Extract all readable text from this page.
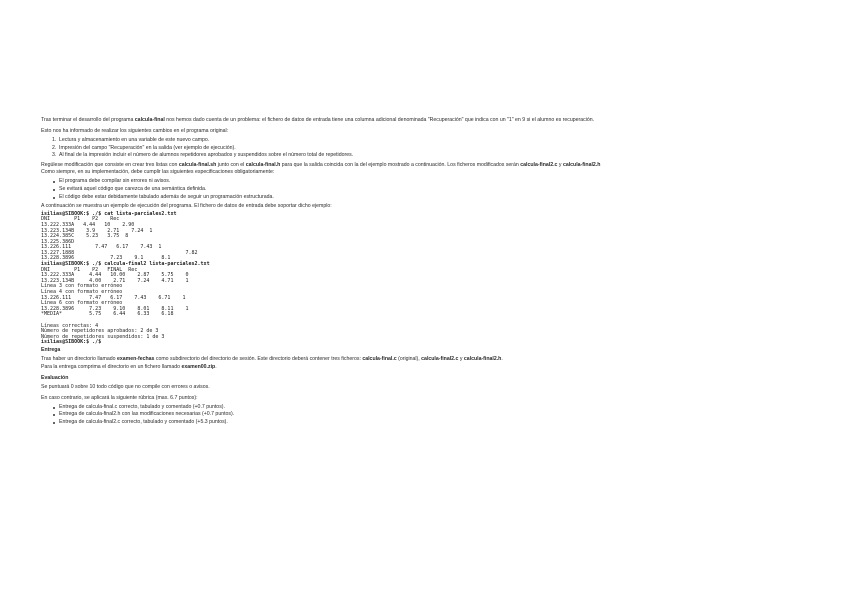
Tras terminar el desarrollo del programa calcula-final nos hemos dado cuenta de un problema: el fichero de datos de entrada tiene una columna adicional denominada "Recuperación" que indica con un "1" en 9 si el alumno es recuperación.

Esto nos ha informado de realizar los siguientes cambios en el programa original:

1. Lectura y almacenamiento en una variable de este nuevo campo.
2. Impresión del campo "Recuperación" en la salida (ver ejemplo de ejecución).
3. Al final de la impresión incluir el número de alumnos repetidores aprobados y suspendidos sobre el número total de repetidores.

Regúlese modificación que consiste en crear tres listas con calcula-final.sh junto con el calcula-final.h para que la salida coincida con la del ejemplo mostrado a continuación. Los ficheros modificados serán calcula-final2.c y calcula-final2.h

Como siempre, en su implementación, debe cumplir las siguientes especificaciones obligatoriamente:

El programa debe compilar sin errores ni avisos.
Se evitará aquel código que carezca de una semántica definida.
El código debe estar debidamente tabulado además de seguir un programación estructurada.

A continuación se muestra un ejemplo de ejecución del programa. El fichero de datos de entrada debe soportar dicho ejemplo:

isilias@SIBOOK:$ ./$ cat lista-parciales2.txt
DNI        P1    P2    Rec
13.222.333A   4.44   10    2.90
13.223.134B    3.9    2.71    7.24  1
13.224.385C    5.23   3.75  8
13.225.386D
13.226.111        7.47   6.17    7.43  1
13.227.1888                                     7.82
13.228.3896            7.23    9.1      8.1
isilias@SIBOOK:$ ./$ calcula-final2 lista-parciales2.txt
DNI        P1    P2   FINAL  Rec
13.222.333A     4.44   10.00    2.87    5.75    0
13.223.134B     4.00    2.71    7.24    4.71    1
Línea 3 con formato erróneo
Línea 4 con formato erróneo
13.226.111      7.47   6.17    7.43    6.71    1
Línea 6 con formato erróneo
13.228.3896     7.23    9.10    8.01    8.11    1
*MEDIA*         5.75    6.44    6.33    6.18
Líneas correctas: 4
Número de repetidores aprobados: 2 de 3
Número de repetidores suspendidos: 1 de 3
isilias@SIBOOK:$ ./$

Entrega

Tras haber un directorio llamado examen-fechas como subdirectorio del directorio de sesión. Este directorio deberá contener tres ficheros: calcula-final.c (original), calcula-final2.c y calcula-final2.h.

Para la entrega comprima el directorio en un fichero llamado examen00.zip.

Evaluación

Se puntuará 0 sobre 10 todo código que no compile con errores o avisos.

En caso contrario, se aplicará la siguiente rúbrica (max. 6.7 puntos):

Entrega de calcula-final.c correcto, tabulado y comentado (+0.7 puntos).
Entrega de calcula-final2.h con las modificaciones necesarias (+0.7 puntos).
Entrega de calcula-final2.c correcto, tabulado y comentado (+5.3 puntos).
